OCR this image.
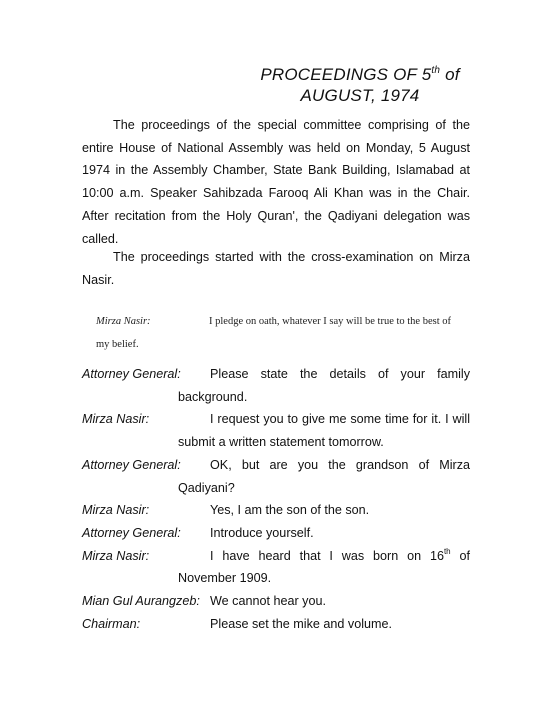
PROCEEDINGS OF 5th of
AUGUST, 1974

The proceedings of the special committee comprising of the entire House of National Assembly was held on Monday, 5 August 1974 in the Assembly Chamber, State Bank Building, Islamabad at 10:00 a.m. Speaker Sahibzada Farooq Ali Khan was in the Chair. After recitation from the Holy Quran', the Qadiyani delegation was called.

The proceedings started with the cross-examination on Mirza Nasir.

Mirza Nasir:	I pledge on oath, whatever I say will be true to the best of
my belief.
Attorney General:	Please state the details of your family background.
Mirza Nasir:	I request you to give me some time for it. I will submit a written statement tomorrow.
Attorney General:	OK, but are you the grandson of Mirza Qadiyani?
Mirza Nasir:	Yes, I am the son of the son.
Attorney General:	Introduce yourself.
Mirza Nasir:	I have heard that I was born on 16th of November 1909.
Mian Gul Aurangzeb: We cannot hear you.
Chairman:	Please set the mike and volume.
